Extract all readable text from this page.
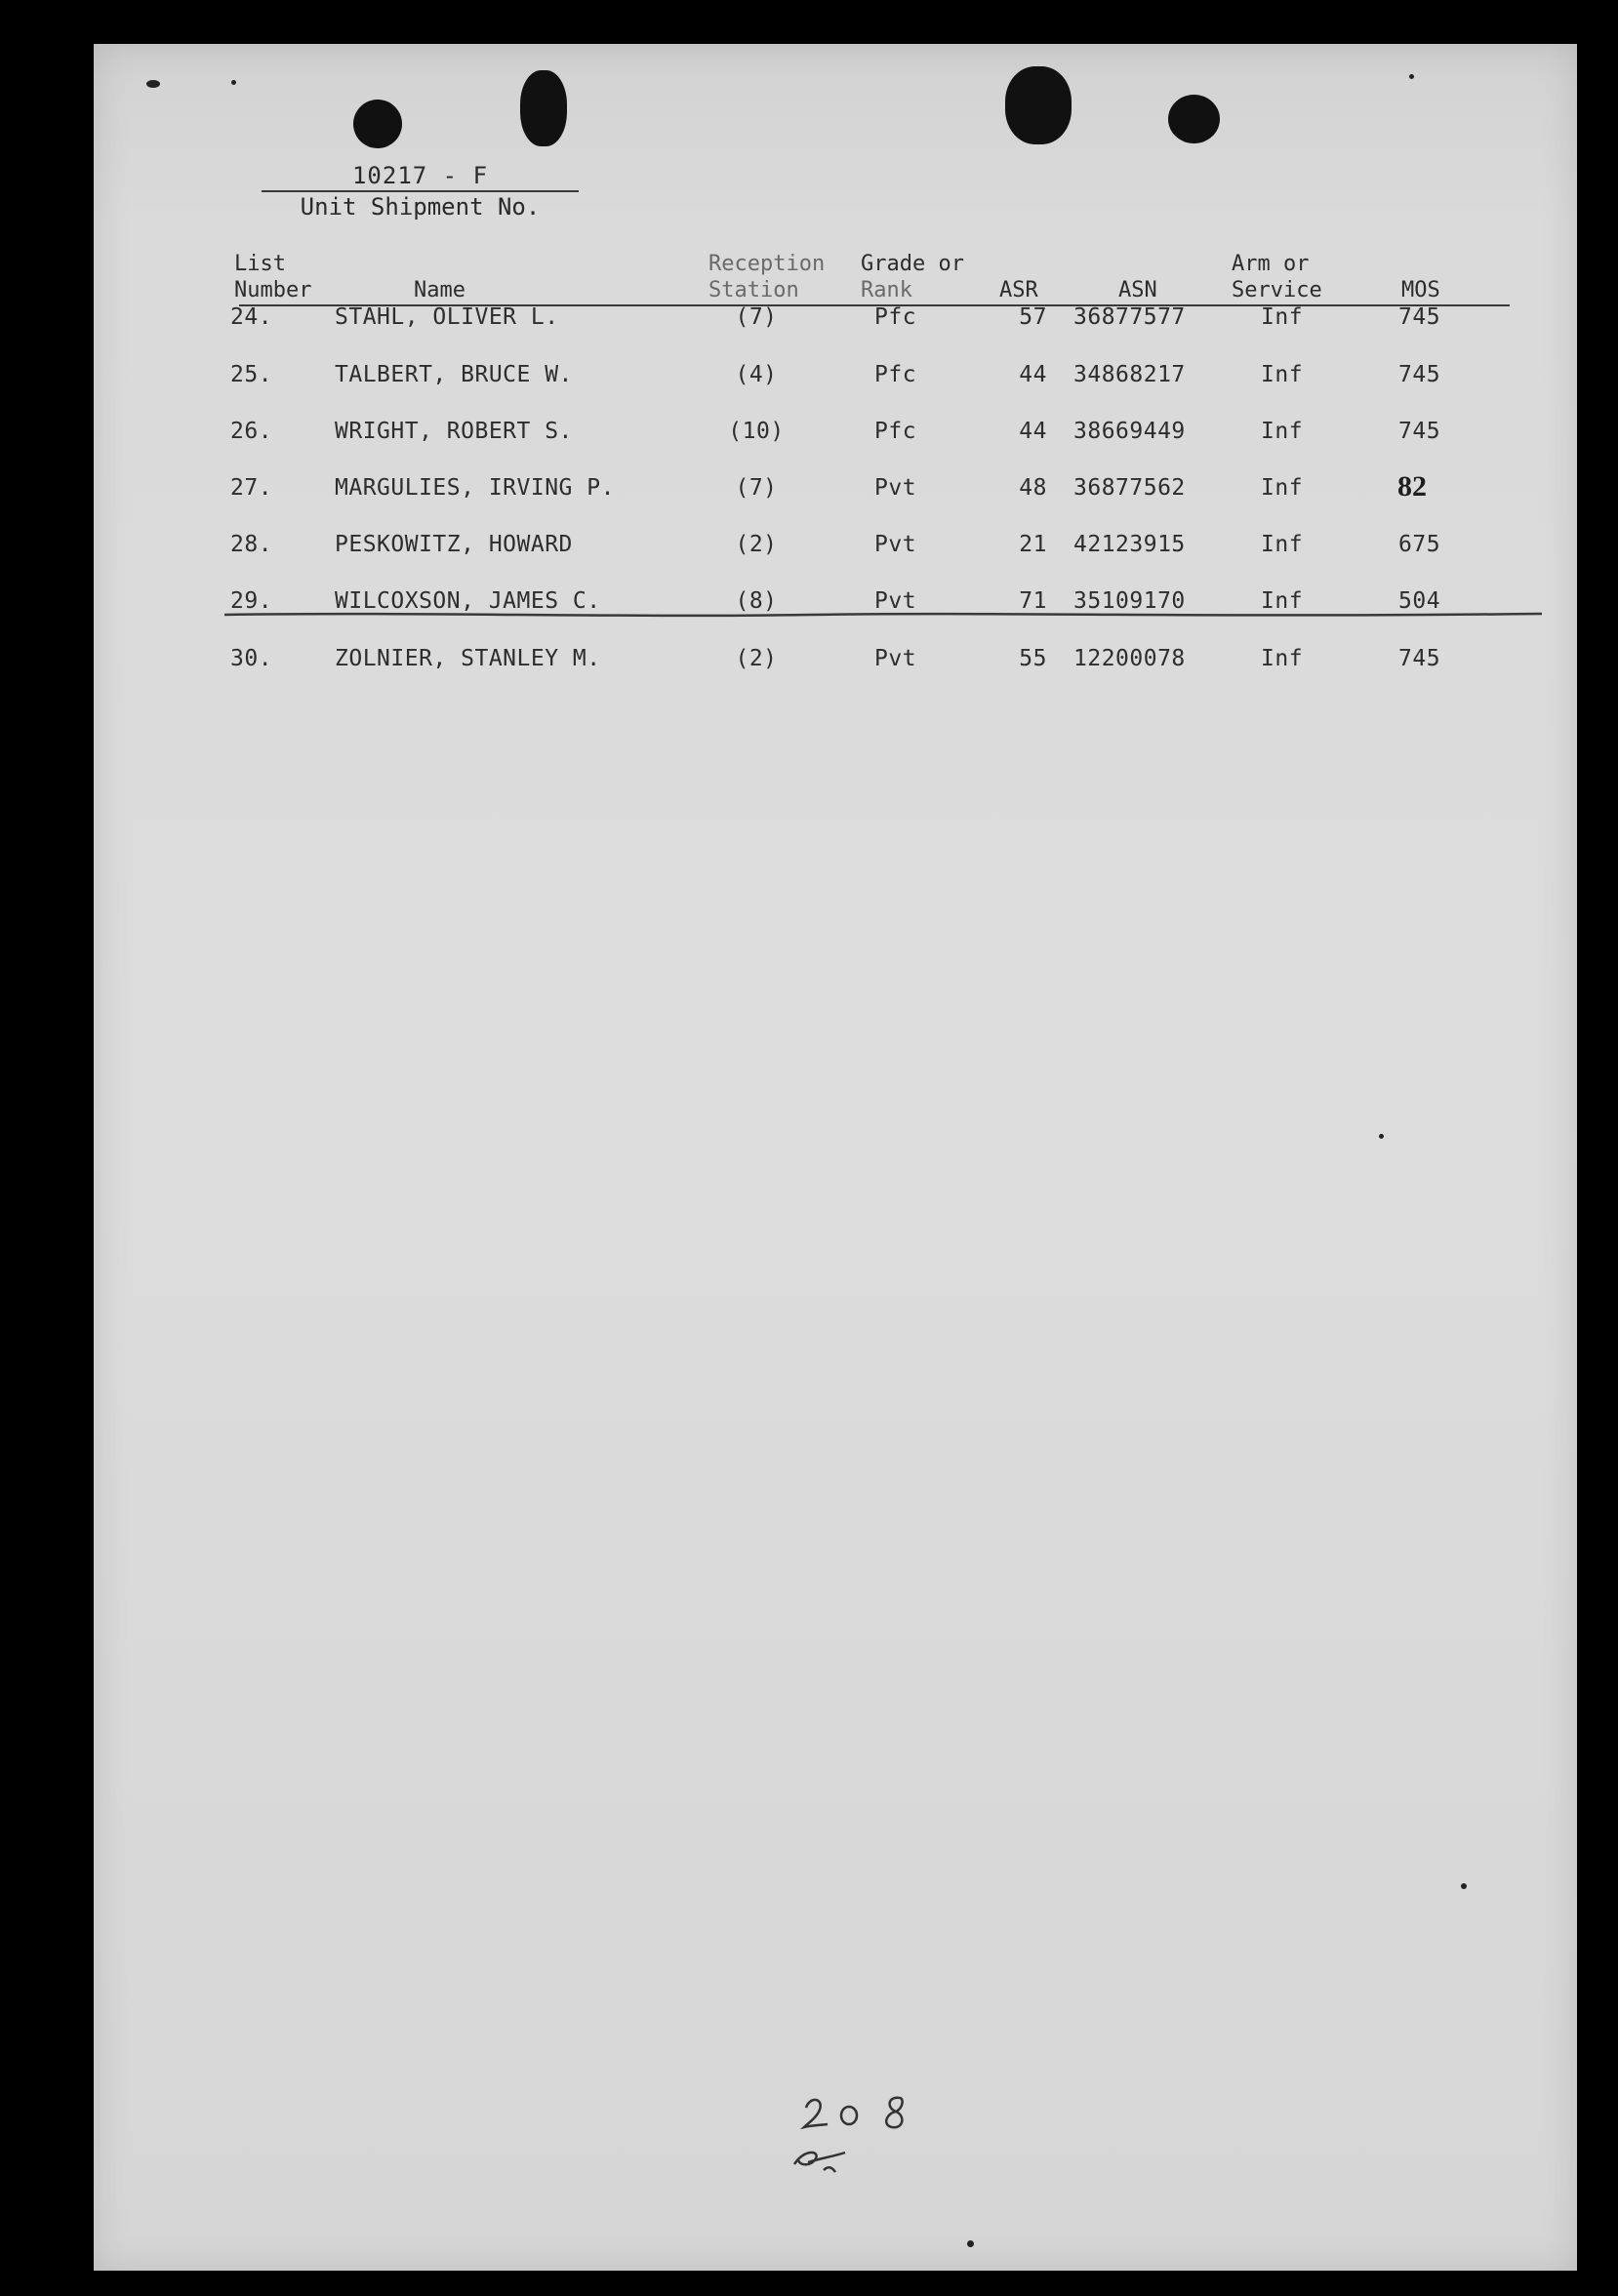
10217 - F
Unit Shipment No.
List
Number	Name
Reception
Station
Grade or
Rank	ASR	ASN
Arm or
Service	MOS
24.	STAHL, OLIVER L.	(7)	Pfc	57 36877577	Inf	745
25.	TALBERT, BRUCE W.	(4)	Pfc	44 34868217	Inf	745
26.	WRIGHT, ROBERT S.	(10)	Pfc	44 38669449	Inf	745
27.	MARGULIES, IRVING P.	(7)	Pvt	48 36877562	Inf	82
28.	PESKOWITZ, HOWARD	(2)	Pvt	21 42123915	Inf	675
29.	WILCOXSON, JAMES C.	(8)	Pvt	71 35109170	Inf	504
30.	ZOLNIER, STANLEY M.	(2)	Pvt	55 12200078	Inf	745
